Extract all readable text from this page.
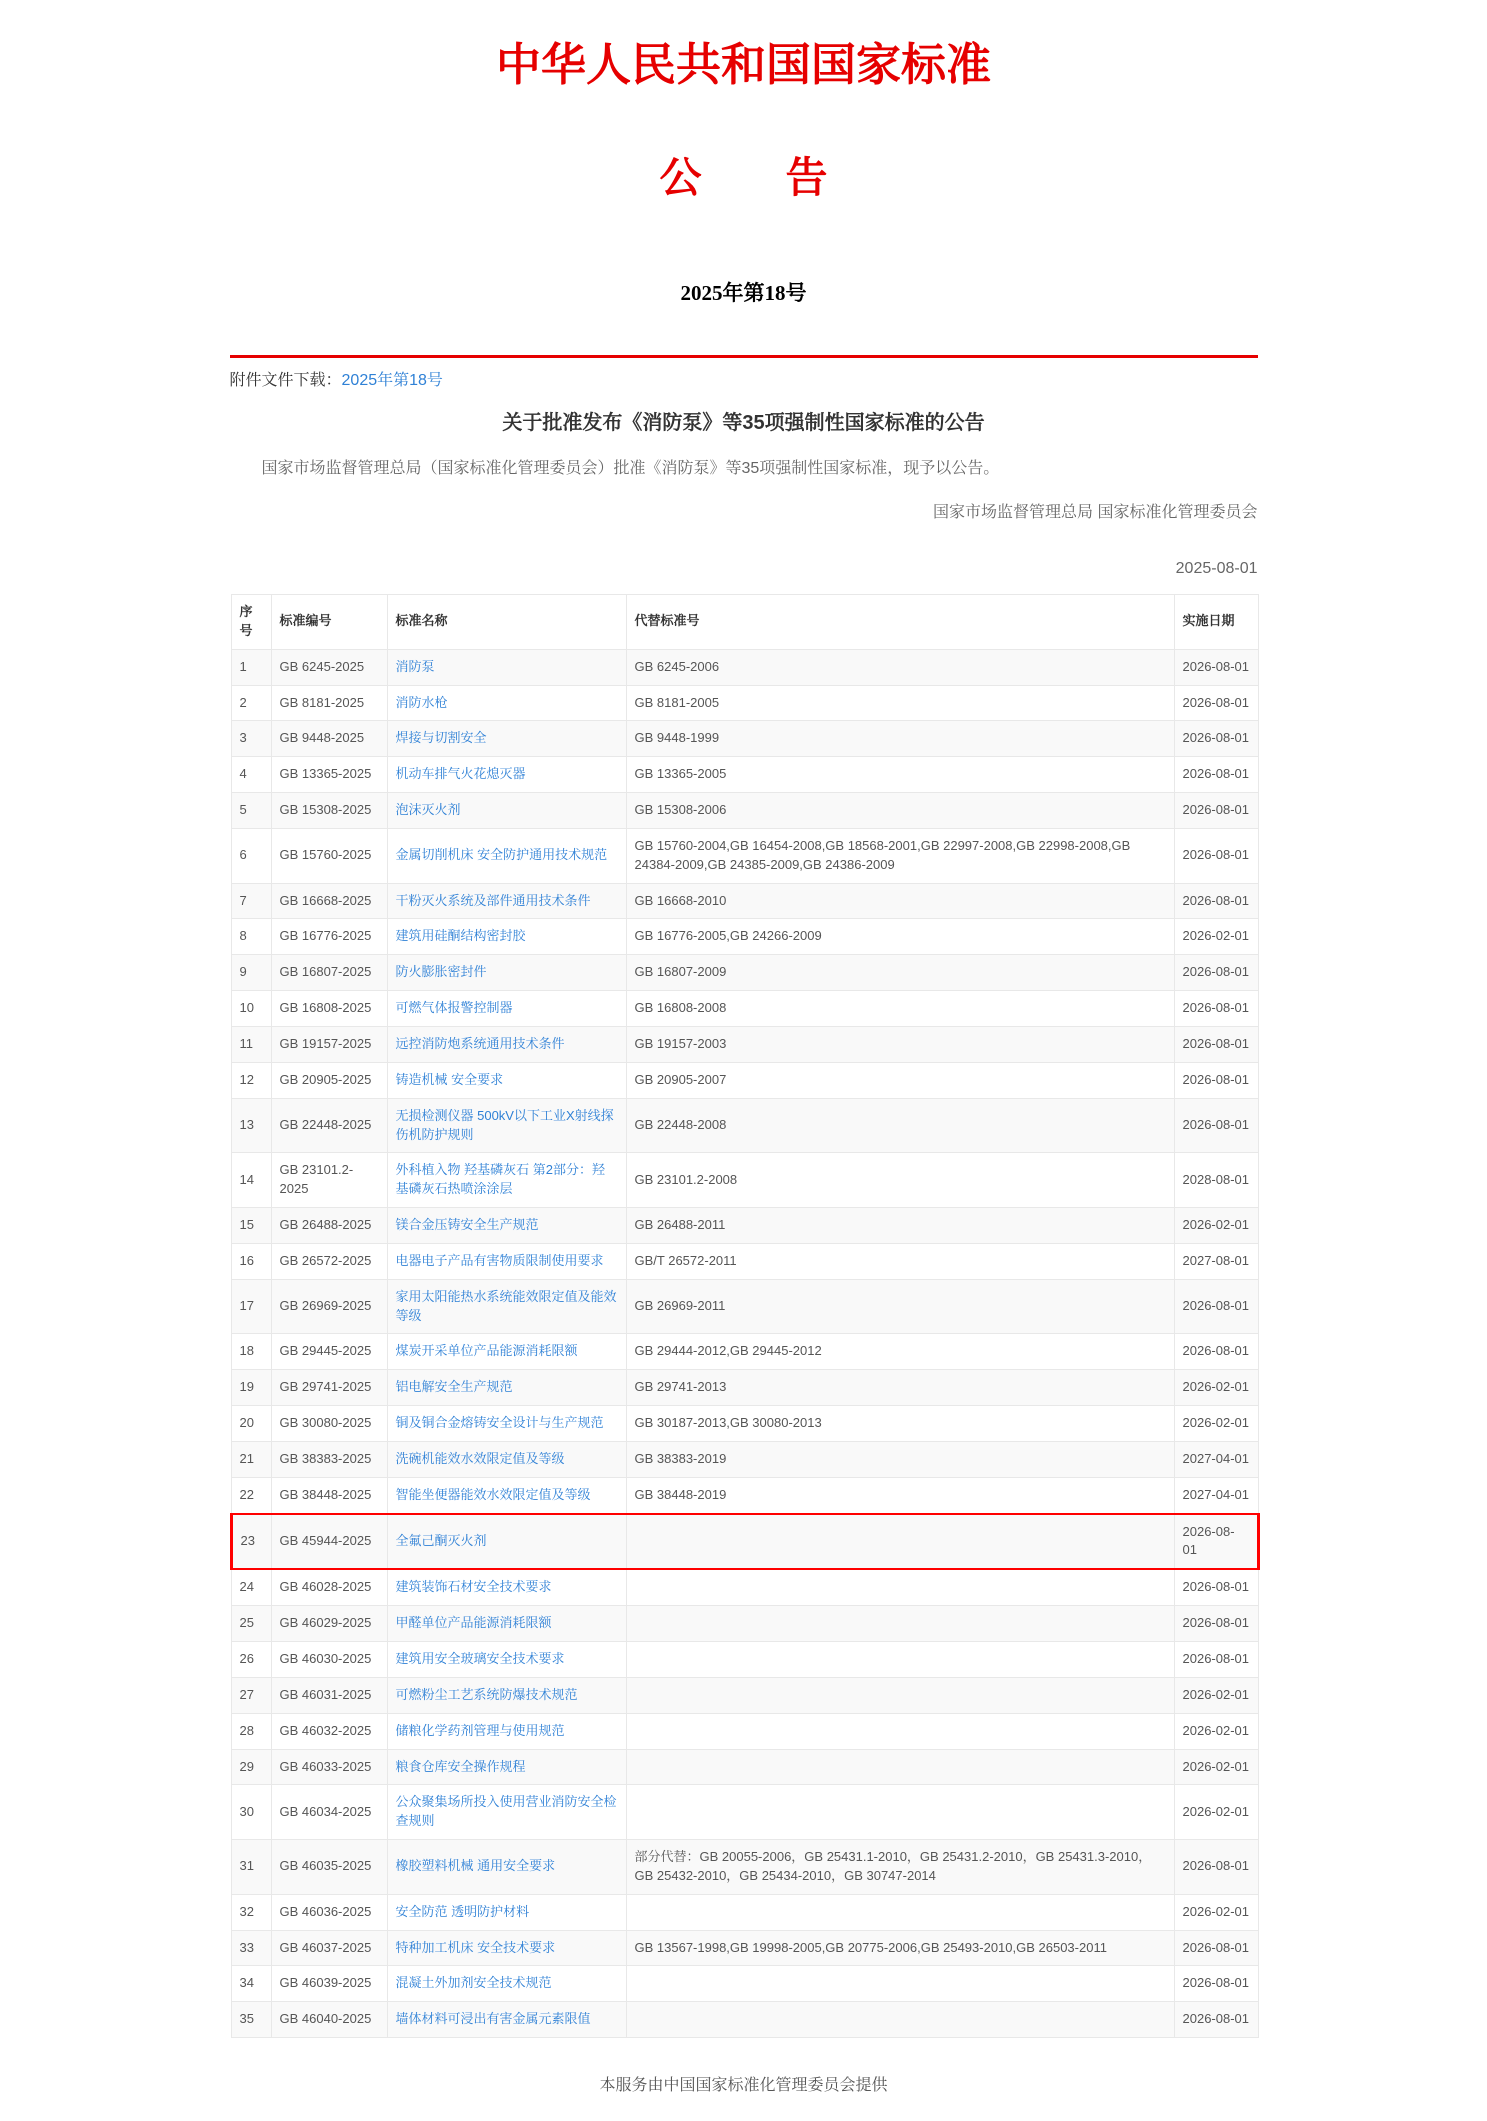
中华人民共和国国家标准
公　　告
2025年第18号
附件文件下载：2025年第18号
关于批准发布《消防泵》等35项强制性国家标准的公告
国家市场监督管理总局（国家标准化管理委员会）批准《消防泵》等35项强制性国家标准，现予以公告。
国家市场监督管理总局 国家标准化管理委员会
2025-08-01
序号	标准编号	标准名称	代替标准号	实施日期
1	GB 6245-2025	消防泵	GB 6245-2006	2026-08-01
2	GB 8181-2025	消防水枪	GB 8181-2005	2026-08-01
3	GB 9448-2025	焊接与切割安全	GB 9448-1999	2026-08-01
4	GB 13365-2025	机动车排气火花熄灭器	GB 13365-2005	2026-08-01
5	GB 15308-2025	泡沫灭火剂	GB 15308-2006	2026-08-01
6	GB 15760-2025	金属切削机床 安全防护通用技术规范	GB 15760-2004,GB 16454-2008,GB 18568-2001,GB 22997-2008,GB 22998-2008,GB 24384-2009,GB 24385-2009,GB 24386-2009	2026-08-01
7	GB 16668-2025	干粉灭火系统及部件通用技术条件	GB 16668-2010	2026-08-01
8	GB 16776-2025	建筑用硅酮结构密封胶	GB 16776-2005,GB 24266-2009	2026-02-01
9	GB 16807-2025	防火膨胀密封件	GB 16807-2009	2026-08-01
10	GB 16808-2025	可燃气体报警控制器	GB 16808-2008	2026-08-01
11	GB 19157-2025	远控消防炮系统通用技术条件	GB 19157-2003	2026-08-01
12	GB 20905-2025	铸造机械 安全要求	GB 20905-2007	2026-08-01
13	GB 22448-2025	无损检测仪器 500kV以下工业X射线探伤机防护规则	GB 22448-2008	2026-08-01
14	GB 23101.2-2025	外科植入物 羟基磷灰石 第2部分：羟基磷灰石热喷涂涂层	GB 23101.2-2008	2028-08-01
15	GB 26488-2025	镁合金压铸安全生产规范	GB 26488-2011	2026-02-01
16	GB 26572-2025	电器电子产品有害物质限制使用要求	GB/T 26572-2011	2027-08-01
17	GB 26969-2025	家用太阳能热水系统能效限定值及能效等级	GB 26969-2011	2026-08-01
18	GB 29445-2025	煤炭开采单位产品能源消耗限额	GB 29444-2012,GB 29445-2012	2026-08-01
19	GB 29741-2025	铝电解安全生产规范	GB 29741-2013	2026-02-01
20	GB 30080-2025	铜及铜合金熔铸安全设计与生产规范	GB 30187-2013,GB 30080-2013	2026-02-01
21	GB 38383-2025	洗碗机能效水效限定值及等级	GB 38383-2019	2027-04-01
22	GB 38448-2025	智能坐便器能效水效限定值及等级	GB 38448-2019	2027-04-01
23	GB 45944-2025	全氟己酮灭火剂		2026-08-01
24	GB 46028-2025	建筑装饰石材安全技术要求		2026-08-01
25	GB 46029-2025	甲醛单位产品能源消耗限额		2026-08-01
26	GB 46030-2025	建筑用安全玻璃安全技术要求		2026-08-01
27	GB 46031-2025	可燃粉尘工艺系统防爆技术规范		2026-02-01
28	GB 46032-2025	储粮化学药剂管理与使用规范		2026-02-01
29	GB 46033-2025	粮食仓库安全操作规程		2026-02-01
30	GB 46034-2025	公众聚集场所投入使用营业消防安全检查规则		2026-02-01
31	GB 46035-2025	橡胶塑料机械 通用安全要求	部分代替：GB 20055-2006，GB 25431.1-2010，GB 25431.2-2010，GB 25431.3-2010，GB 25432-2010，GB 25434-2010，GB 30747-2014	2026-08-01
32	GB 46036-2025	安全防范 透明防护材料		2026-02-01
33	GB 46037-2025	特种加工机床 安全技术要求	GB 13567-1998,GB 19998-2005,GB 20775-2006,GB 25493-2010,GB 26503-2011	2026-08-01
34	GB 46039-2025	混凝土外加剂安全技术规范		2026-08-01
35	GB 46040-2025	墙体材料可浸出有害金属元素限值		2026-08-01
本服务由中国国家标准化管理委员会提供
